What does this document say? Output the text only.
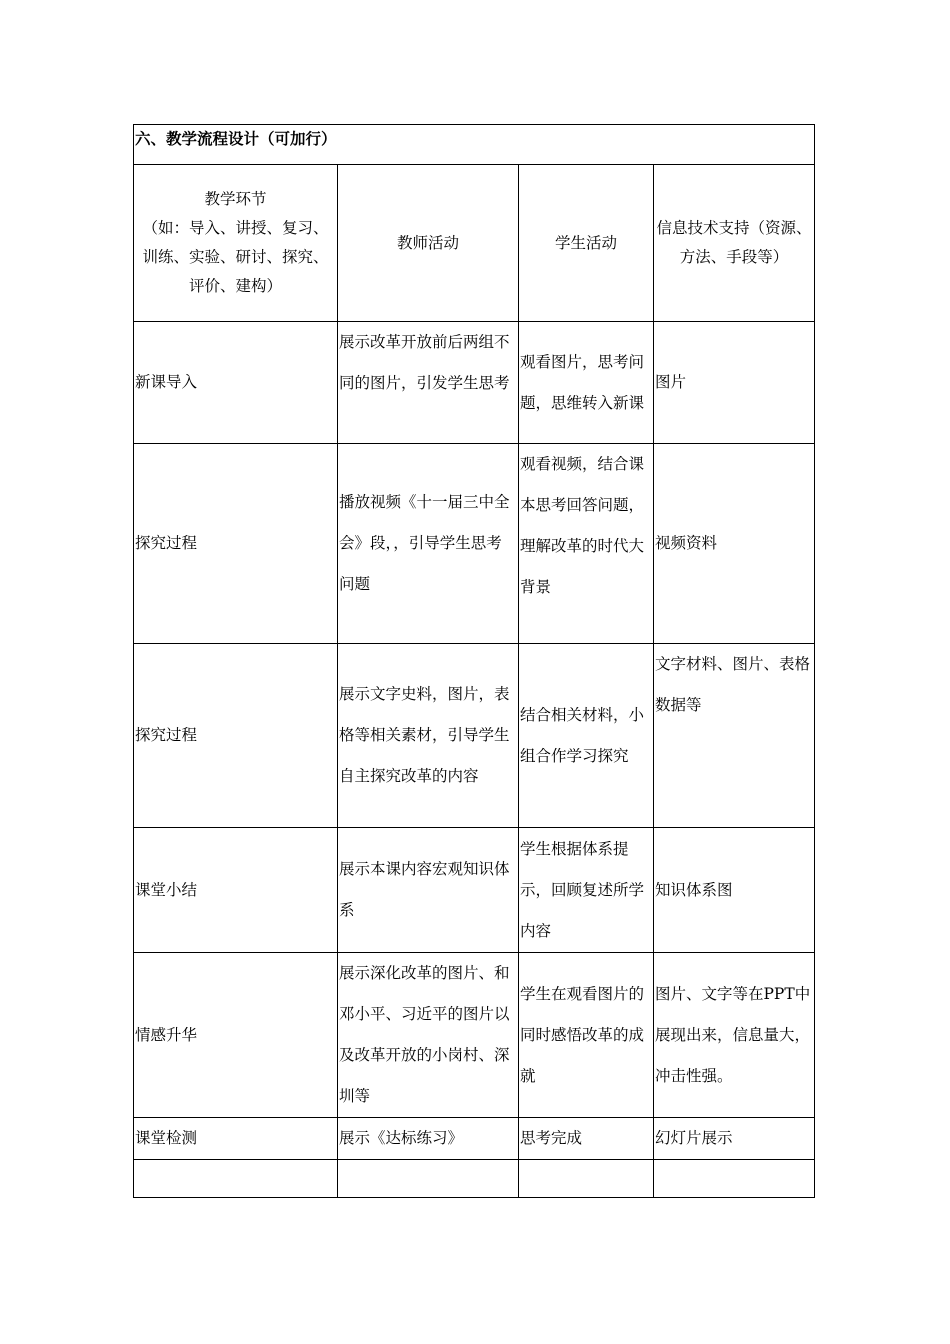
六、教学流程设计（可加行）			
教学环节
（如：导入、讲授、复习、训练、实验、研讨、探究、评价、建构）	教师活动	学生活动	信息技术支持（资源、方法、手段等）
新课导入	展示改革开放前后两组不同的图片，引发学生思考	观看图片，思考问题，思维转入新课	图片
探究过程	播放视频《十一届三中全会》段，，引导学生思考问题	观看视频，结合课本思考回答问题，理解改革的时代大背景	视频资料
探究过程	展示文字史料，图片，表格等相关素材，引导学生自主探究改革的内容	结合相关材料，小组合作学习探究	文字材料、图片、表格数据等
课堂小结	展示本课内容宏观知识体系	学生根据体系提示，回顾复述所学内容	知识体系图
情感升华	展示深化改革的图片、和邓小平、习近平的图片以及改革开放的小岗村、深圳等	学生在观看图片的同时感悟改革的成就	图片、文字等在PPT中展现出来，信息量大，冲击性强。
课堂检测	展示《达标练习》	思考完成	幻灯片展示
